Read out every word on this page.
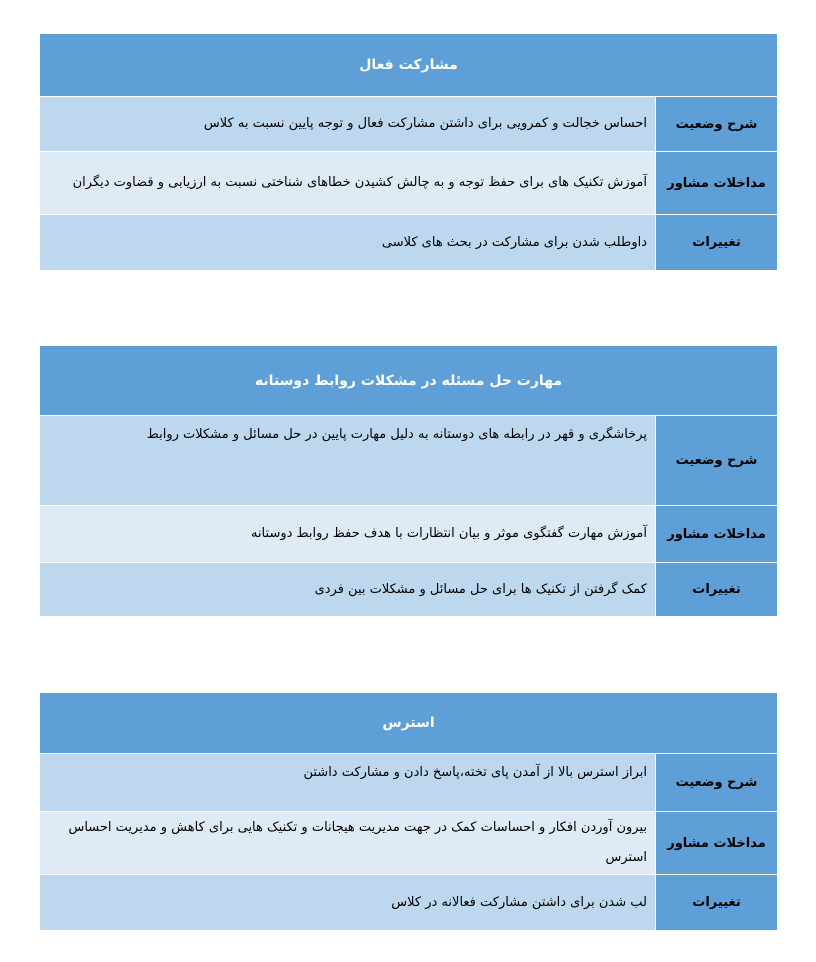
مشارکت فعال
شرح وضعیت
احساس خجالت و کمرویی برای داشتن مشارکت فعال و توجه پایین نسبت به کلاس
مداخلات مشاور
آموزش تکنیک های برای حفظ توجه و به چالش کشیدن خطاهای شناختی نسبت به ارزیابی و قضاوت دیگران
تغییرات
داوطلب شدن برای مشارکت در بحث های کلاسی
مهارت حل مسئله در مشکلات روابط دوستانه
شرح وضعیت
پرخاشگری و قهر در رابطه های دوستانه به دلیل مهارت پایین در حل مسائل و مشکلات روابط
مداخلات مشاور
آموزش مهارت گفتگوی موثر و بیان انتظارات با هدف حفظ روابط دوستانه
تغییرات
کمک گرفتن از تکنیک ها برای حل مسائل و مشکلات بین فردی
استرس
شرح وضعیت
ابراز استرس بالا از آمدن پای تخته،پاسخ دادن و مشارکت داشتن
مداخلات مشاور
بیرون آوردن افکار و احساسات کمک در جهت مدیریت هیجانات و تکنیک هایی برای کاهش و مدیریت احساس استرس
تغییرات
لب شدن برای داشتن مشارکت فعالانه در کلاس
